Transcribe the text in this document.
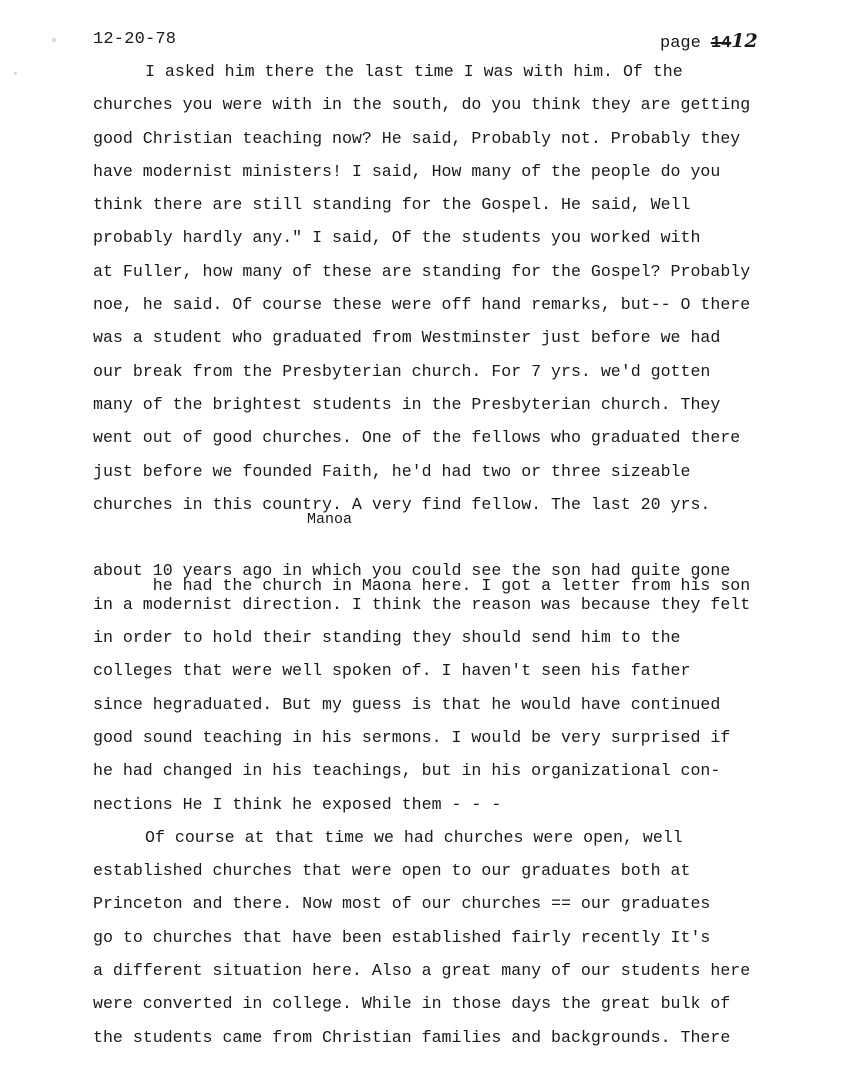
12-20-78	page 1412
I asked him there the last time I was with him. Of the
churches you were with in the south, do you think they are getting
good Christian teaching now? He said, Probably not. Probably they
have modernist ministers! I said, How many of the people do you
think there are still standing for the Gospel. He said, Well
probably hardly any." I said, Of the students you worked with
at Fuller, how many of these are standing for the Gospel? Probably
noe, he said. Of course these were off hand remarks, but-- O there
was a student who graduated from Westminster just before we had
our break from the Presbyterian church. For 7 yrs. we'd gotten
many of the brightest students in the Presbyterian church. They
went out of good churches. One of the fellows who graduated there
just before we founded Faith, he'd had two or three sizeable
churches in this country. A very find fellow. The last 20 yrs.

Manoa

he had the church in Maona here. I got a letter from his son

about 10 years ago in which you could see the son had quite gone
in a modernist direction. I think the reason was because they felt
in order to hold their standing they should send him to the
colleges that were well spoken of. I haven't seen his father
since hegraduated. But my guess is that he would have continued
good sound teaching in his sermons. I would be very surprised if
he had changed in his teachings, but in his organizational con-
nections He I think he exposed them - - -
Of course at that time we had churches were open, well
established churches that were open to our graduates both at
Princeton and there. Now most of our churches == our graduates
go to churches that have been established fairly recently It's
a different situation here. Also a great many of our students here
were converted in college. While in those days the great bulk of
the students came from Christian families and backgrounds. There
